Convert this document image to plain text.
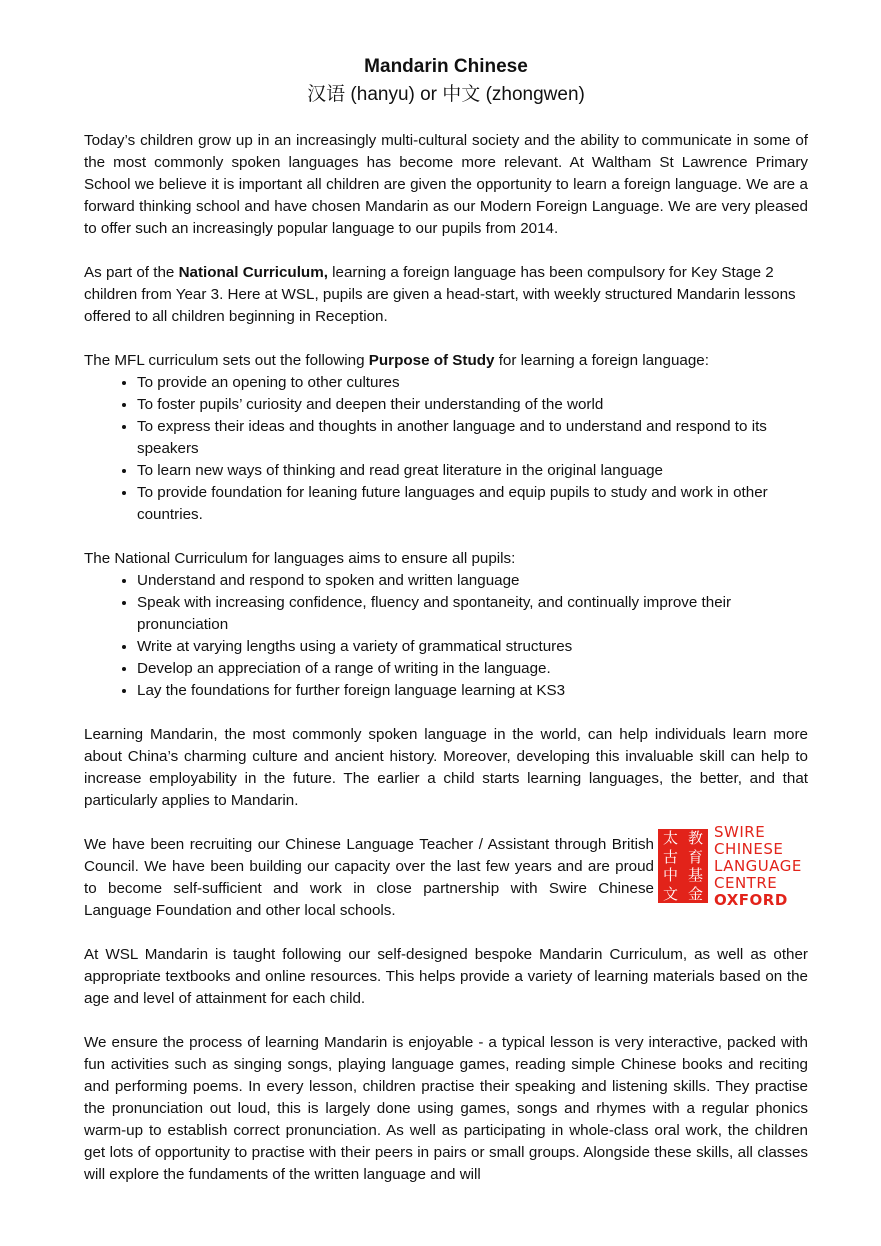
Mandarin Chinese
汉语 (hanyu) or 中文 (zhongwen)

Today’s children grow up in an increasingly multi-cultural society and the ability to communicate in some of the most commonly spoken languages has become more relevant. At Waltham St Lawrence Primary School we believe it is important all children are given the opportunity to learn a foreign language. We are a forward thinking school and have chosen Mandarin as our Modern Foreign Language. We are very pleased to offer such an increasingly popular language to our pupils from 2014.

As part of the National Curriculum, learning a foreign language has been compulsory for Key Stage 2 children from Year 3. Here at WSL, pupils are given a head-start, with weekly structured Mandarin lessons offered to all children beginning in Reception.

The MFL curriculum sets out the following Purpose of Study for learning a foreign language:

• To provide an opening to other cultures
• To foster pupils’ curiosity and deepen their understanding of the world
• To express their ideas and thoughts in another language and to understand and respond to its speakers
• To learn new ways of thinking and read great literature in the original language
• To provide foundation for leaning future languages and equip pupils to study and work in other countries.

The National Curriculum for languages aims to ensure all pupils:

• Understand and respond to spoken and written language
• Speak with increasing confidence, fluency and spontaneity, and continually improve their pronunciation
• Write at varying lengths using a variety of grammatical structures
• Develop an appreciation of a range of writing in the language.
• Lay the foundations for further foreign language learning at KS3

Learning Mandarin, the most commonly spoken language in the world, can help individuals learn more about China’s charming culture and ancient history. Moreover, developing this invaluable skill can help to increase employability in the future. The earlier a child starts learning languages, the better, and that particularly applies to Mandarin.

We have been recruiting our Chinese Language Teacher / Assistant through British Council. We have been building our capacity over the last few years and are proud to become self-sufficient and work in close partnership with Swire Chinese Language Foundation and other local schools.

太 教
古 育
中 基
文 金
SWIRE
CHINESE
LANGUAGE
CENTRE
OXFORD

At WSL Mandarin is taught following our self-designed bespoke Mandarin Curriculum, as well as other appropriate textbooks and online resources. This helps provide a variety of learning materials based on the age and level of attainment for each child.

We ensure the process of learning Mandarin is enjoyable - a typical lesson is very interactive, packed with fun activities such as singing songs, playing language games, reading simple Chinese books and reciting and performing poems. In every lesson, children practise their speaking and listening skills. They practise the pronunciation out loud, this is largely done using games, songs and rhymes with a regular phonics warm-up to establish correct pronunciation. As well as participating in whole-class oral work, the children get lots of opportunity to practise with their peers in pairs or small groups. Alongside these skills, all classes will explore the fundaments of the written language and will
